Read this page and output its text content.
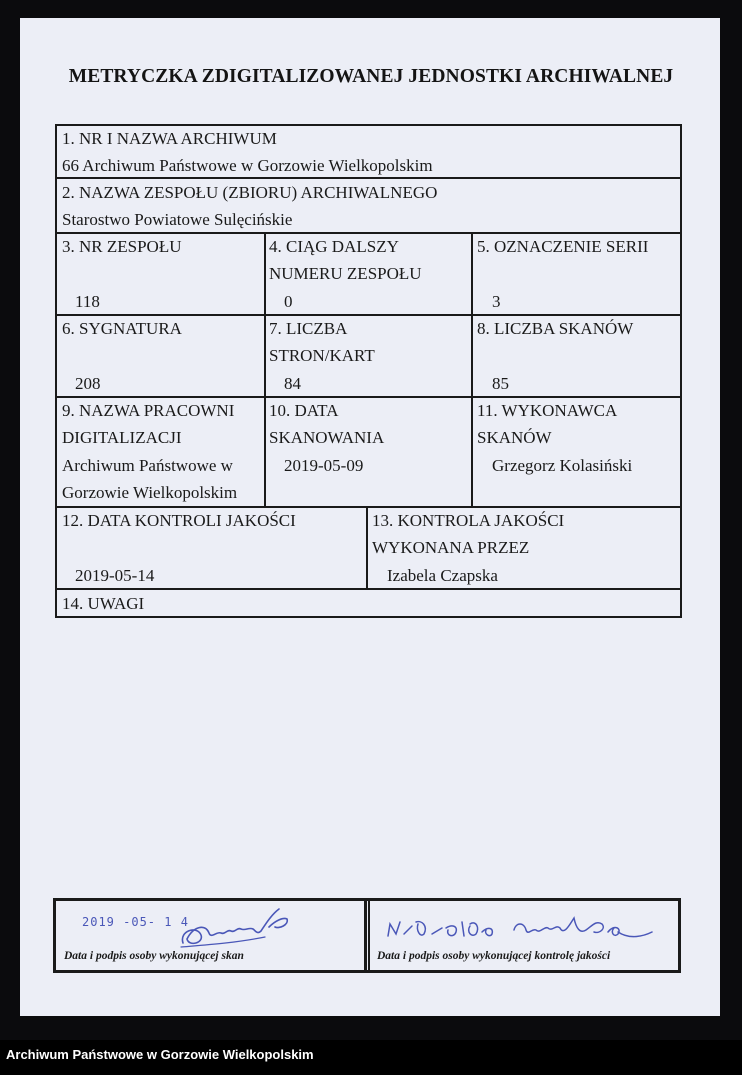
METRYCZKA ZDIGITALIZOWANEJ JEDNOSTKI ARCHIWALNEJ
1. NR I NAZWA ARCHIWUM
66 Archiwum Państwowe w Gorzowie Wielkopolskim
2. NAZWA ZESPOŁU (ZBIORU) ARCHIWALNEGO
Starostwo Powiatowe Sulęcińskie
3. NR ZESPOŁU
118
4. CIĄG DALSZY
NUMERU ZESPOŁU
0
5. OZNACZENIE SERII
3
6. SYGNATURA
208
7. LICZBA
STRON/KART
84
8. LICZBA SKANÓW
85
9. NAZWA PRACOWNI
DIGITALIZACJI
Archiwum Państwowe w
Gorzowie Wielkopolskim
10. DATA
SKANOWANIA
2019-05-09
11. WYKONAWCA
SKANÓW
Grzegorz Kolasiński
12. DATA KONTROLI JAKOŚCI
2019-05-14
13. KONTROLA JAKOŚCI
WYKONANA PRZEZ
Izabela Czapska
14. UWAGI
2019 -05- 1 4
Data i podpis osoby wykonującej skan	Data i podpis osoby wykonującej kontrolę jakości
Archiwum Państwowe w Gorzowie Wielkopolskim
